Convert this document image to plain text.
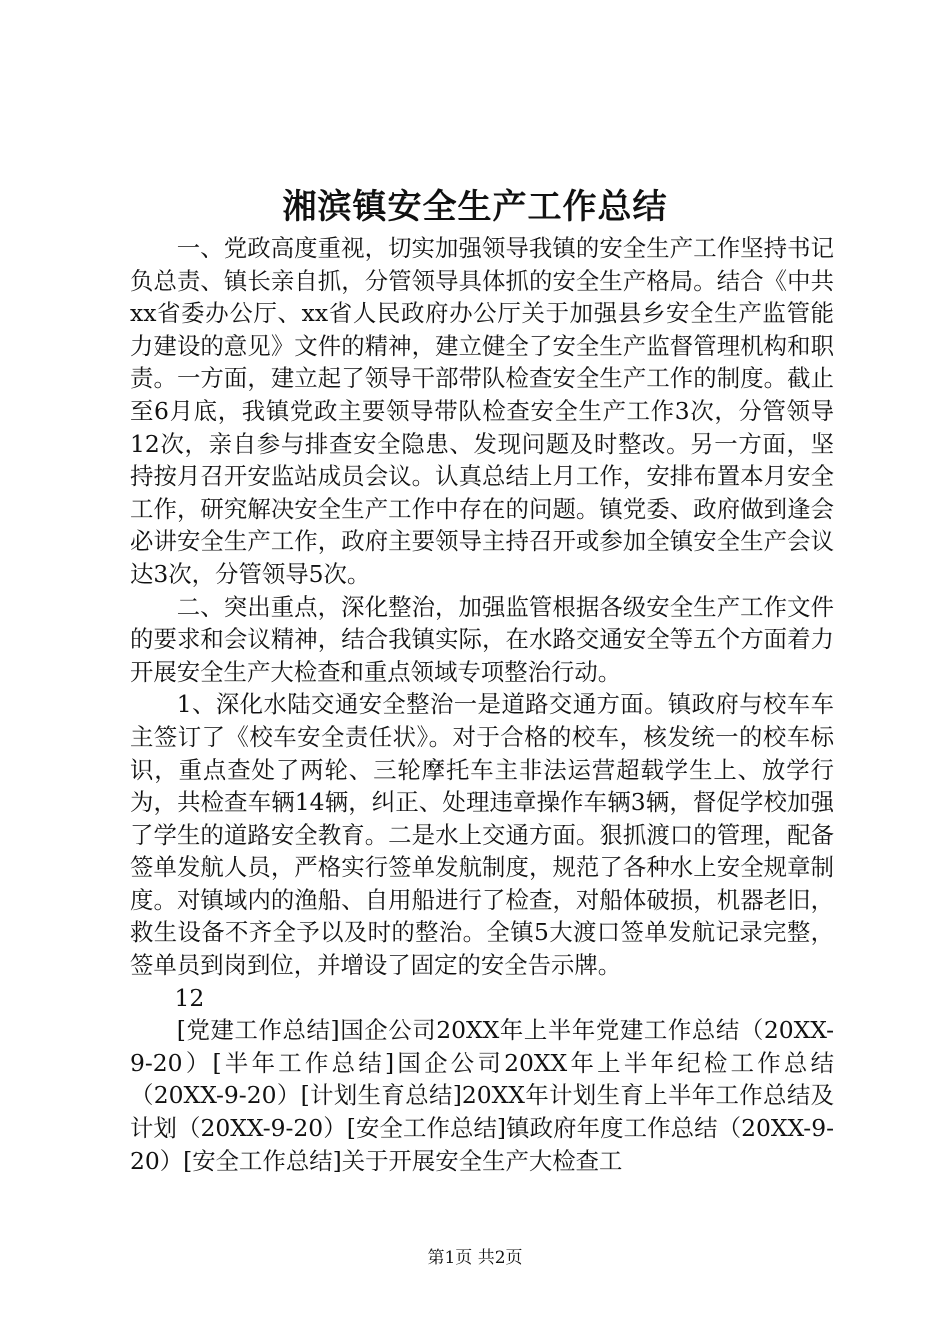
湘滨镇安全生产工作总结

一、党政高度重视，切实加强领导我镇的安全生产工作坚持书记负总责、镇长亲自抓，分管领导具体抓的安全生产格局。结合《中共xx省委办公厅、xx省人民政府办公厅关于加强县乡安全生产监管能力建设的意见》文件的精神，建立健全了安全生产监督管理机构和职责。一方面，建立起了领导干部带队检查安全生产工作的制度。截止至6月底，我镇党政主要领导带队检查安全生产工作3次，分管领导12次，亲自参与排查安全隐患、发现问题及时整改。另一方面，坚持按月召开安监站成员会议。认真总结上月工作，安排布置本月安全工作，研究解决安全生产工作中存在的问题。镇党委、政府做到逢会必讲安全生产工作，政府主要领导主持召开或参加全镇安全生产会议达3次，分管领导5次。

二、突出重点，深化整治，加强监管根据各级安全生产工作文件的要求和会议精神，结合我镇实际，在水路交通安全等五个方面着力开展安全生产大检查和重点领域专项整治行动。

1、深化水陆交通安全整治一是道路交通方面。镇政府与校车车主签订了《校车安全责任状》。对于合格的校车，核发统一的校车标识，重点查处了两轮、三轮摩托车主非法运营超载学生上、放学行为，共检查车辆14辆，纠正、处理违章操作车辆3辆，督促学校加强了学生的道路安全教育。二是水上交通方面。狠抓渡口的管理，配备签单发航人员，严格实行签单发航制度，规范了各种水上安全规章制度。对镇域内的渔船、自用船进行了检查，对船体破损，机器老旧，救生设备不齐全予以及时的整治。全镇5大渡口签单发航记录完整，签单员到岗到位，并增设了固定的安全告示牌。

12

[党建工作总结]国企公司20XX年上半年党建工作总结（20XX-9-20）[半年工作总结]国企公司20XX年上半年纪检工作总结（20XX-9-20）[计划生育总结]20XX年计划生育上半年工作总结及计划（20XX-9-20）[安全工作总结]镇政府年度工作总结（20XX-9-20）[安全工作总结]关于开展安全生产大检查工

第1页 共2页
